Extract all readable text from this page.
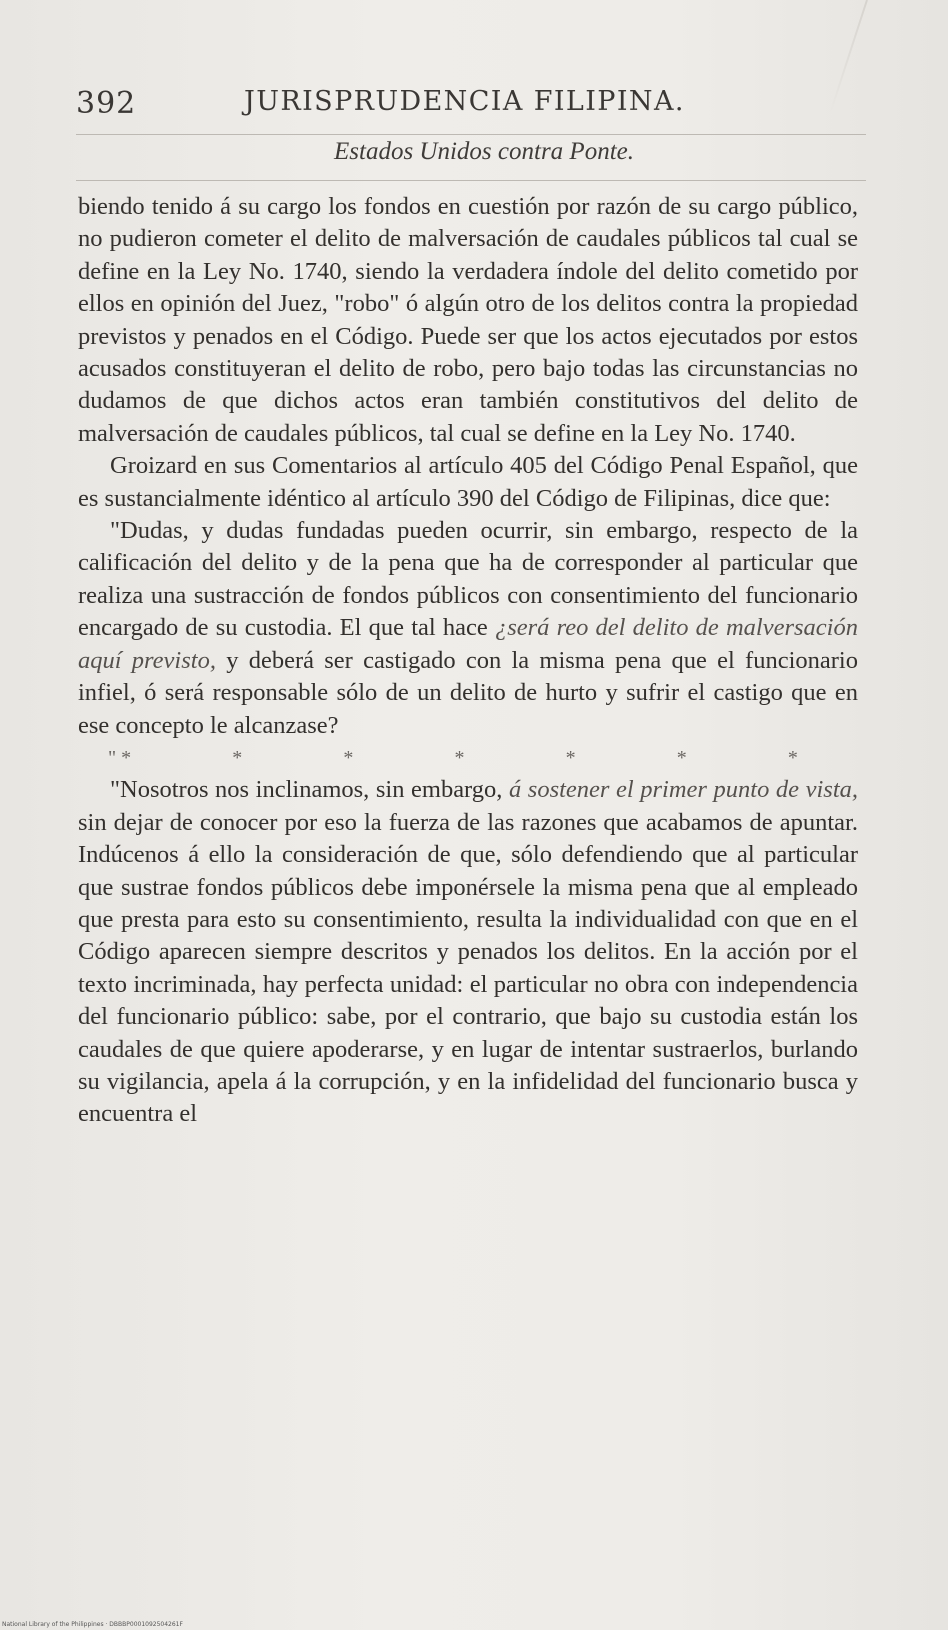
392	JURISPRUDENCIA FILIPINA.
Estados Unidos contra Ponte.

biendo tenido á su cargo los fondos en cuestión por razón de su cargo público, no pudieron cometer el delito de malversación de caudales públicos tal cual se define en la Ley No. 1740, siendo la verdadera índole del delito cometido por ellos en opinión del Juez, "robo" ó algún otro de los delitos contra la propiedad previstos y penados en el Código. Puede ser que los actos ejecutados por estos acusados constituyeran el delito de robo, pero bajo todas las circunstancias no dudamos de que dichos actos eran también constitutivos del delito de malversación de caudales públicos, tal cual se define en la Ley No. 1740.

Groizard en sus Comentarios al artículo 405 del Código Penal Español, que es sustancialmente idéntico al artículo 390 del Código de Filipinas, dice que:

"Dudas, y dudas fundadas pueden ocurrir, sin embargo, respecto de la calificación del delito y de la pena que ha de corresponder al particular que realiza una sustracción de fondos públicos con consentimiento del funcionario encargado de su custodia. El que tal hace ¿será reo del delito de malversación aquí previsto, y deberá ser castigado con la misma pena que el funcionario infiel, ó será responsable sólo de un delito de hurto y sufrir el castigo que en ese concepto le alcanzase?

" *	*	*	*	*	*	*

"Nosotros nos inclinamos, sin embargo, á sostener el primer punto de vista, sin dejar de conocer por eso la fuerza de las razones que acabamos de apuntar. Indúcenos á ello la consideración de que, sólo defendiendo que al particular que sustrae fondos públicos debe imponérsele la misma pena que al empleado que presta para esto su consentimiento, resulta la individualidad con que en el Código aparecen siempre descritos y penados los delitos. En la acción por el texto incriminada, hay perfecta unidad: el particular no obra con independencia del funcionario público: sabe, por el contrario, que bajo su custodia están los caudales de que quiere apoderarse, y en lugar de intentar sustraerlos, burlando su vigilancia, apela á la corrupción, y en la infidelidad del funcionario busca y encuentra el

National Library of the Philippines · DBBBP0001092504261F
